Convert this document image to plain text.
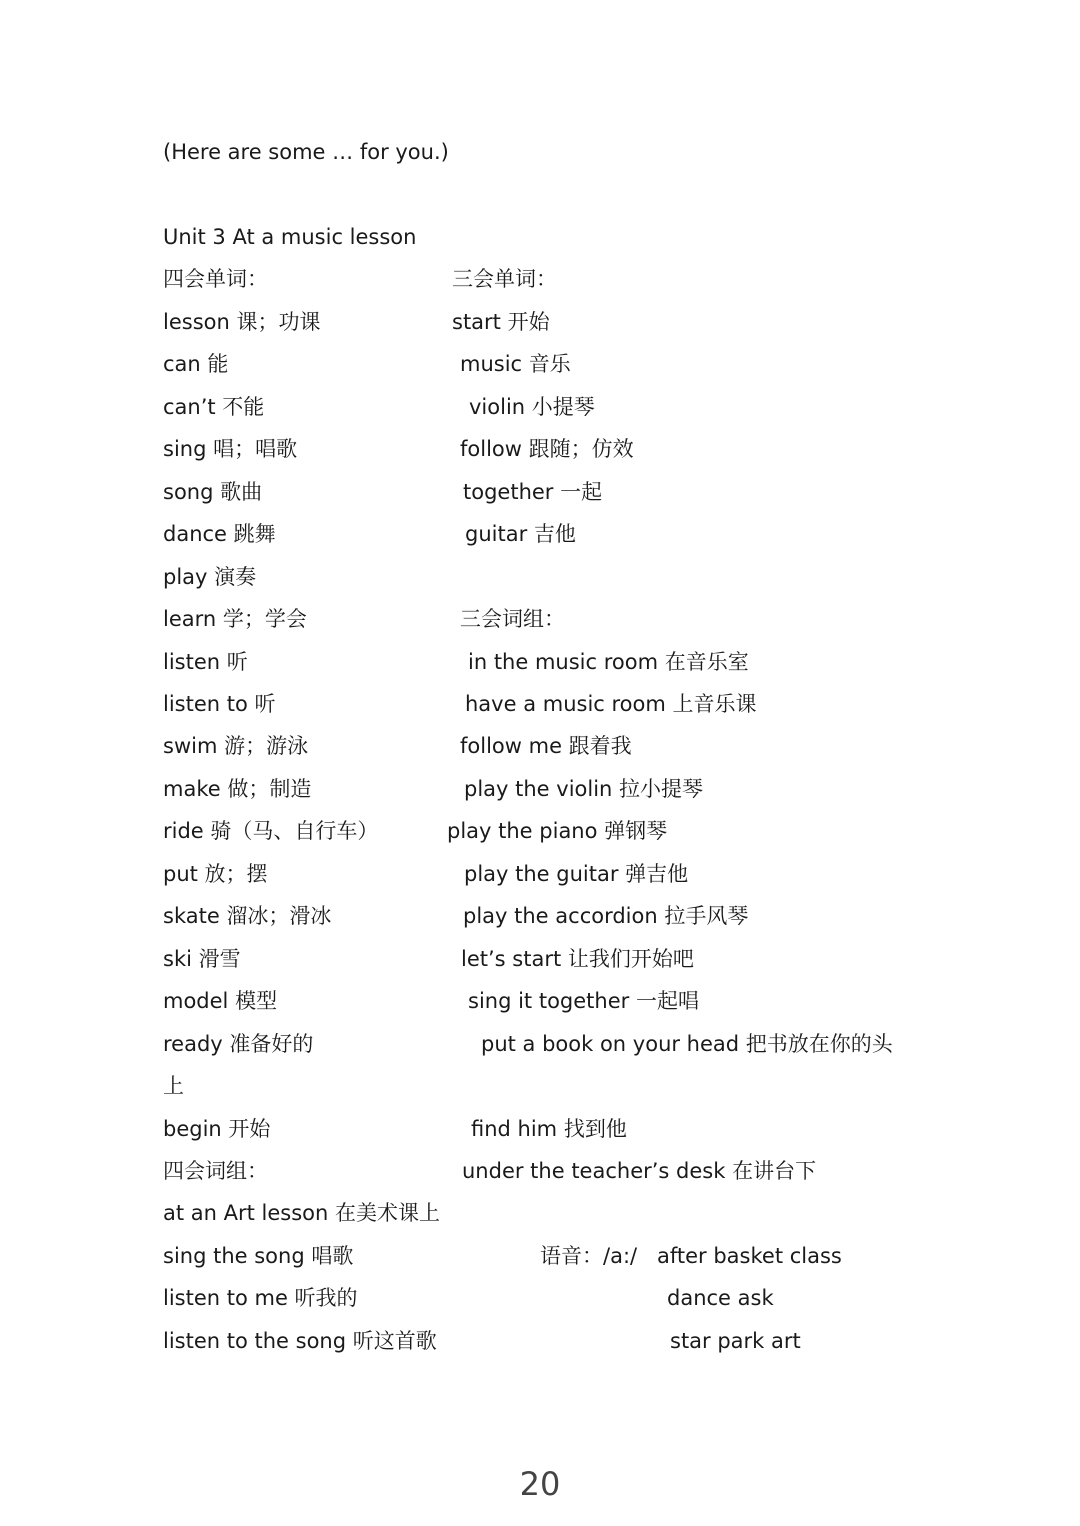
(Here are some … for you.)
Unit 3 At a music lesson
四会单词：
lesson 课；功课
can 能
can’t 不能
sing 唱；唱歌
song 歌曲
dance 跳舞
play 演奏
learn 学；学会
listen 听
listen to 听
swim 游；游泳
make 做；制造
ride 骑（马、自行车）
put 放；摆
skate 溜冰；滑冰
ski 滑雪
model 模型
ready 准备好的
上
begin 开始
四会词组：
at an Art lesson 在美术课上
sing the song 唱歌
listen to me 听我的
listen to the song 听这首歌
三会单词：
start 开始
music 音乐
violin 小提琴
follow 跟随；仿效
together 一起
guitar 吉他
三会词组：
in the music room 在音乐室
have a music room 上音乐课
follow me 跟着我
play the violin 拉小提琴
play the piano 弹钢琴
play the guitar 弹吉他
play the accordion 拉手风琴
let’s start 让我们开始吧
sing it together 一起唱
put a book on your head 把书放在你的头
find him 找到他
under the teacher’s desk 在讲台下
语音：/a:/ after basket class
dance ask
star park art
20
